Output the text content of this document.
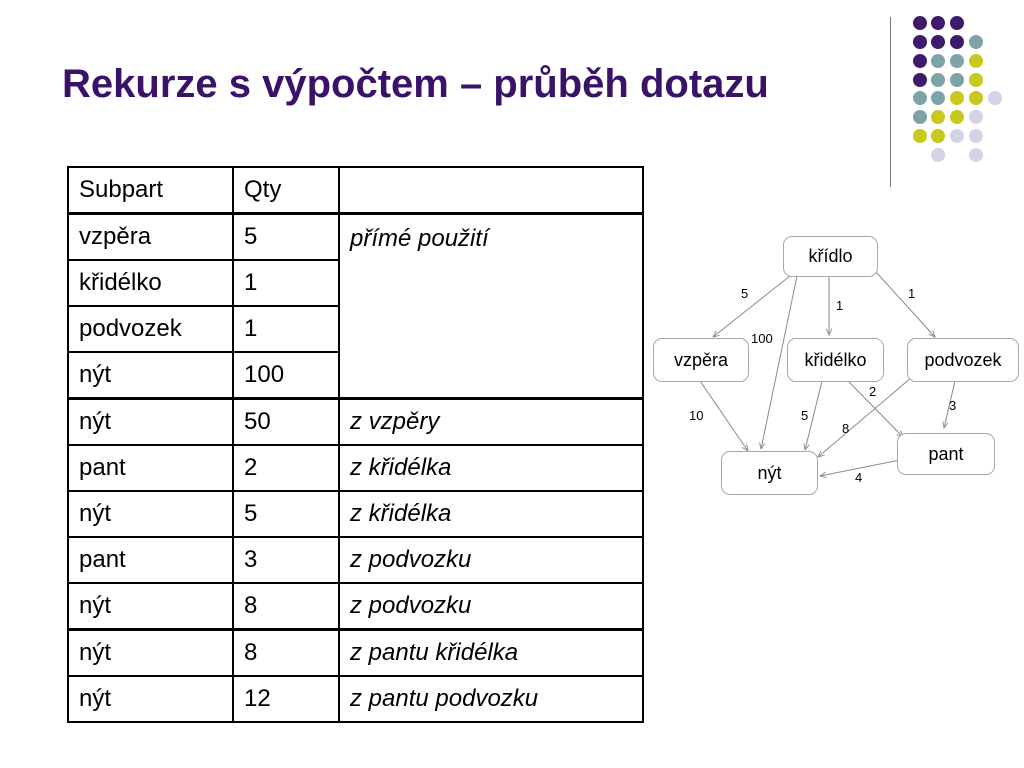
Rekurze s výpočtem – průběh dotazu
Subpart	Qty	
vzpěra	5	přímé použití
křidélko	1	
podvozek	1	
nýt	100	
nýt	50	z vzpěry
pant	2	z křidélka
nýt	5	z křidélka
pant	3	z podvozku
nýt	8	z podvozku
nýt	8	z pantu křidélka
nýt	12	z pantu podvozku
křídlo
vzpěra	křidélko	podvozek
nýt
pant
5
1
1
100
10	5
2
8
3
4
